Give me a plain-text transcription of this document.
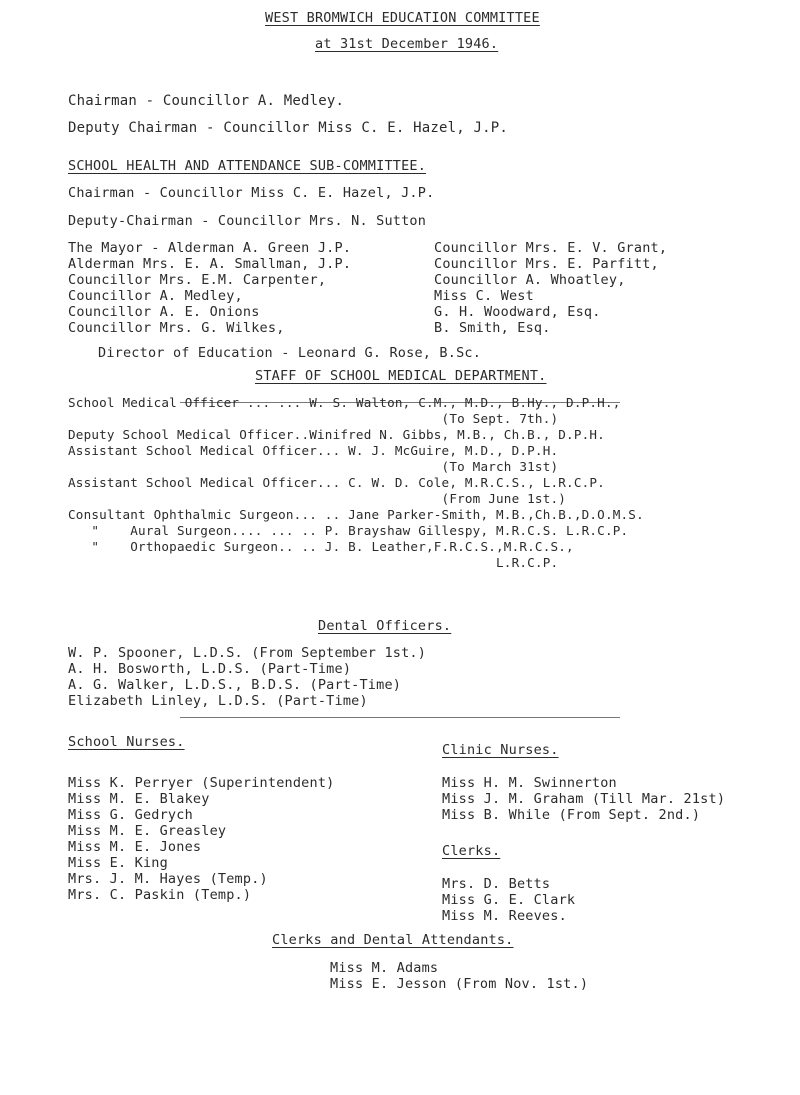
WEST BROMWICH EDUCATION COMMITTEE
at 31st December 1946.
Chairman - Councillor A. Medley.
Deputy Chairman - Councillor Miss C. E. Hazel, J.P.
SCHOOL HEALTH AND ATTENDANCE SUB-COMMITTEE.
Chairman - Councillor Miss C. E. Hazel, J.P.
Deputy-Chairman - Councillor Mrs. N. Sutton
The Mayor - Alderman A. Green J.P.
Alderman Mrs. E. A. Smallman, J.P.
Councillor Mrs. E.M. Carpenter,
Councillor A. Medley,
Councillor A. E. Onions
Councillor Mrs. G. Wilkes,
Councillor Mrs. E. V. Grant,
Councillor Mrs. E. Parfitt,
Councillor A. Whoatley,
Miss C. West
G. H. Woodward, Esq.
B. Smith, Esq.
Director of Education - Leonard G. Rose, B.Sc.
STAFF OF SCHOOL MEDICAL DEPARTMENT.
School Medical Officer ... ... W. S. Walton, C.M., M.D., B.Hy., D.P.H.,
(To Sept. 7th.)
Deputy School Medical Officer..Winifred N. Gibbs, M.B., Ch.B., D.P.H.
Assistant School Medical Officer... W. J. McGuire, M.D., D.P.H.
(To March 31st)
Assistant School Medical Officer... C. W. D. Cole, M.R.C.S., L.R.C.P.
(From June 1st.)
Consultant Ophthalmic Surgeon... .. Jane Parker-Smith, M.B.,Ch.B.,D.O.M.S.
"    Aural Surgeon.... ... .. P. Brayshaw Gillespy, M.R.C.S. L.R.C.P.
"    Orthopaedic Surgeon.. .. J. B. Leather,F.R.C.S.,M.R.C.S.,
L.R.C.P.
Dental Officers.
W. P. Spooner, L.D.S. (From September 1st.)
A. H. Bosworth, L.D.S. (Part-Time)
A. G. Walker, L.D.S., B.D.S. (Part-Time)
Elizabeth Linley, L.D.S. (Part-Time)
School Nurses.
Miss K. Perryer (Superintendent)
Miss M. E. Blakey
Miss G. Gedrych
Miss M. E. Greasley
Miss M. E. Jones
Miss E. King
Mrs. J. M. Hayes (Temp.)
Mrs. C. Paskin (Temp.)
Clinic Nurses.
Miss H. M. Swinnerton
Miss J. M. Graham (Till Mar. 21st)
Miss B. While (From Sept. 2nd.)
Clerks.
Mrs. D. Betts
Miss G. E. Clark
Miss M. Reeves.
Clerks and Dental Attendants.
Miss M. Adams
Miss E. Jesson (From Nov. 1st.)
